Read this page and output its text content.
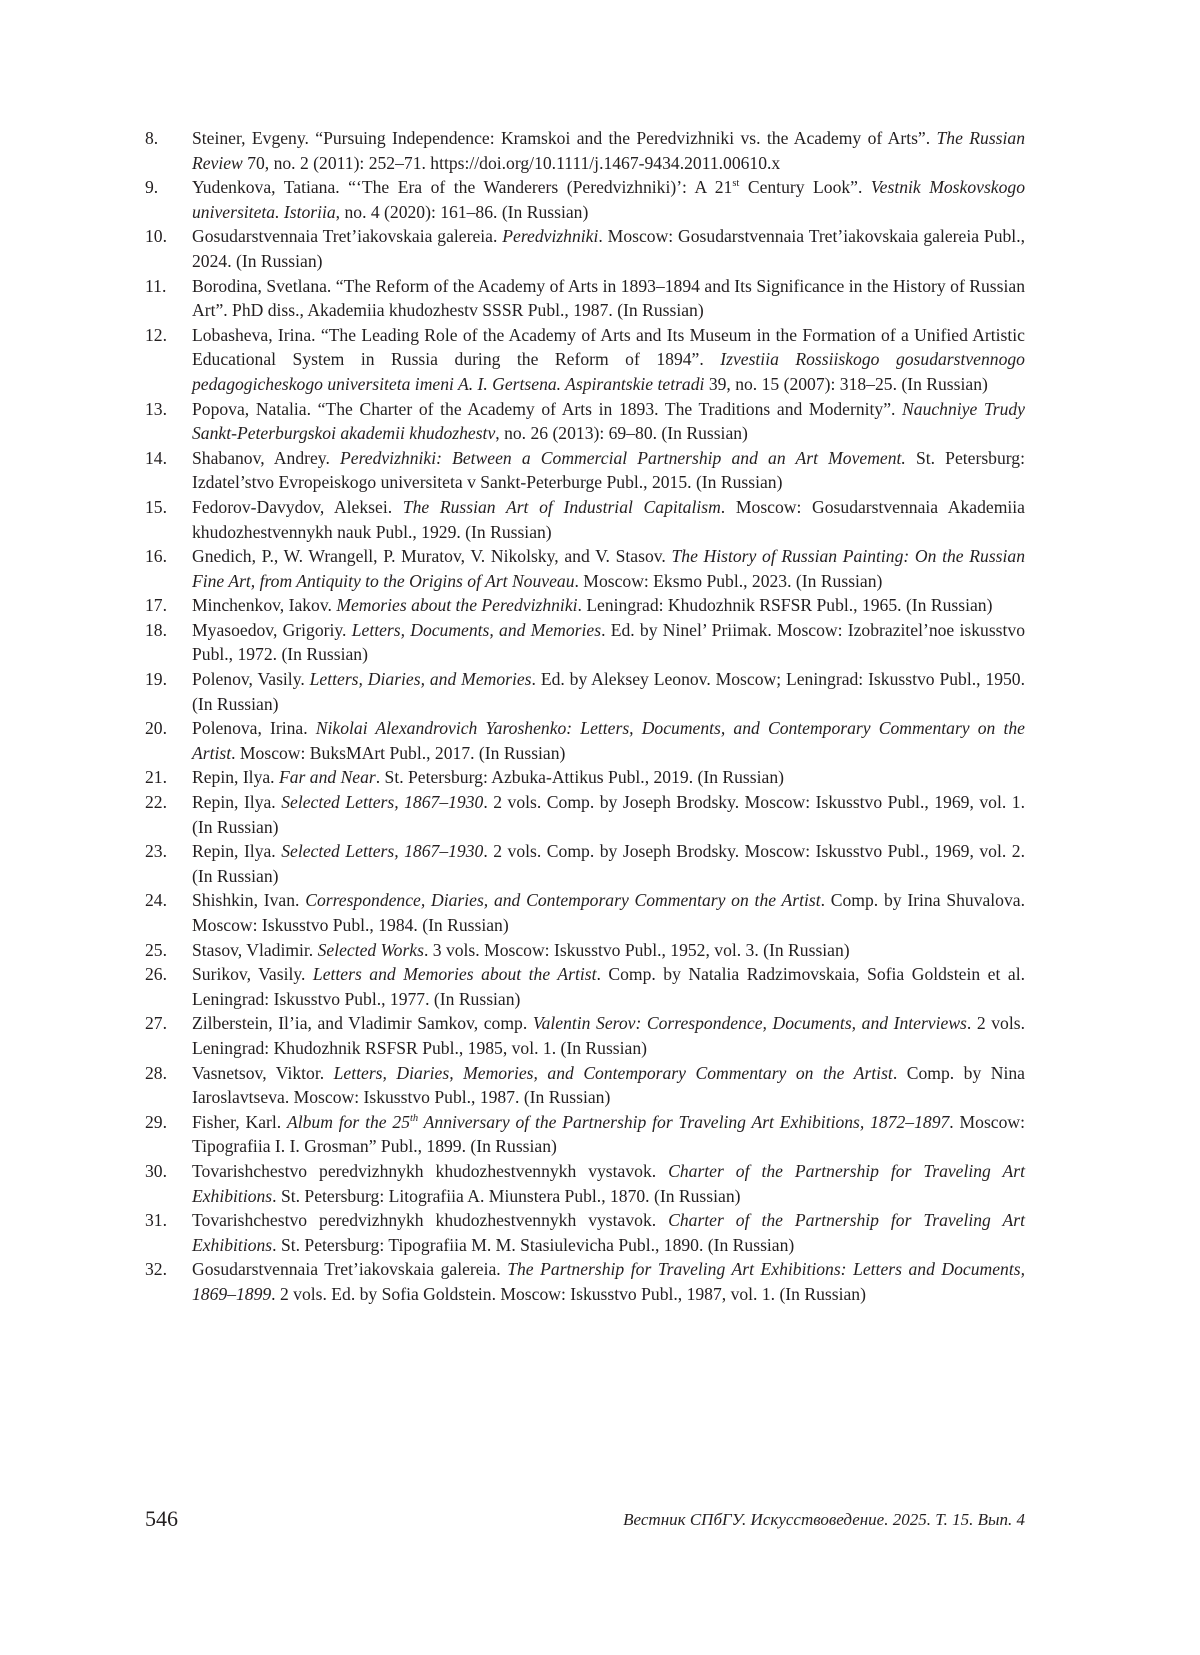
8.	Steiner, Evgeny. “Pursuing Independence: Kramskoi and the Peredvizhniki vs. the Academy of Arts”. The Russian Review 70, no. 2 (2011): 252–71. https://doi.org/10.1111/j.1467-9434.2011.00610.x
9.	Yudenkova, Tatiana. “‘The Era of the Wanderers (Peredvizhniki)’: A 21st Century Look”. Vestnik Moskovskogo universiteta. Istoriia, no. 4 (2020): 161–86. (In Russian)
10.	Gosudarstvennaia Tret’iakovskaia galereia. Peredvizhniki. Moscow: Gosudarstvennaia Tret’iakovskaia galereia Publ., 2024. (In Russian)
11.	Borodina, Svetlana. “The Reform of the Academy of Arts in 1893–1894 and Its Significance in the History of Russian Art”. PhD diss., Akademiia khudozhestv SSSR Publ., 1987. (In Russian)
12.	Lobasheva, Irina. “The Leading Role of the Academy of Arts and Its Museum in the Formation of a Unified Artistic Educational System in Russia during the Reform of 1894”. Izvestiia Rossiiskogo gosudarstvennogo pedagogicheskogo universiteta imeni A. I. Gertsena. Aspirantskie tetradi 39, no. 15 (2007): 318–25. (In Russian)
13.	Popova, Natalia. “The Charter of the Academy of Arts in 1893. The Traditions and Modernity”. Nauchniye Trudy Sankt-Peterburgskoi akademii khudozhestv, no. 26 (2013): 69–80. (In Russian)
14.	Shabanov, Andrey. Peredvizhniki: Between a Commercial Partnership and an Art Movement. St. Petersburg: Izdatel’stvo Evropeiskogo universiteta v Sankt-Peterburge Publ., 2015. (In Russian)
15.	Fedorov-Davydov, Aleksei. The Russian Art of Industrial Capitalism. Moscow: Gosudarstvennaia Akademiia khudozhestvennykh nauk Publ., 1929. (In Russian)
16.	Gnedich, P., W. Wrangell, P. Muratov, V. Nikolsky, and V. Stasov. The History of Russian Painting: On the Russian Fine Art, from Antiquity to the Origins of Art Nouveau. Moscow: Eksmo Publ., 2023. (In Russian)
17.	Minchenkov, Iakov. Memories about the Peredvizhniki. Leningrad: Khudozhnik RSFSR Publ., 1965. (In Russian)
18.	Myasoedov, Grigoriy. Letters, Documents, and Memories. Ed. by Ninel’ Priimak. Moscow: Izobrazitel’noe iskusstvo Publ., 1972. (In Russian)
19.	Polenov, Vasily. Letters, Diaries, and Memories. Ed. by Aleksey Leonov. Moscow; Leningrad: Iskusstvo Publ., 1950. (In Russian)
20.	Polenova, Irina. Nikolai Alexandrovich Yaroshenko: Letters, Documents, and Contemporary Commentary on the Artist. Moscow: BuksMArt Publ., 2017. (In Russian)
21.	Repin, Ilya. Far and Near. St. Petersburg: Azbuka-Attikus Publ., 2019. (In Russian)
22.	Repin, Ilya. Selected Letters, 1867–1930. 2 vols. Comp. by Joseph Brodsky. Moscow: Iskusstvo Publ., 1969, vol. 1. (In Russian)
23.	Repin, Ilya. Selected Letters, 1867–1930. 2 vols. Comp. by Joseph Brodsky. Moscow: Iskusstvo Publ., 1969, vol. 2. (In Russian)
24.	Shishkin, Ivan. Correspondence, Diaries, and Contemporary Commentary on the Artist. Comp. by Irina Shuvalova. Moscow: Iskusstvo Publ., 1984. (In Russian)
25.	Stasov, Vladimir. Selected Works. 3 vols. Moscow: Iskusstvo Publ., 1952, vol. 3. (In Russian)
26.	Surikov, Vasily. Letters and Memories about the Artist. Comp. by Natalia Radzimovskaia, Sofia Goldstein et al. Leningrad: Iskusstvo Publ., 1977. (In Russian)
27.	Zilberstein, Il’ia, and Vladimir Samkov, comp. Valentin Serov: Correspondence, Documents, and Interviews. 2 vols. Leningrad: Khudozhnik RSFSR Publ., 1985, vol. 1. (In Russian)
28.	Vasnetsov, Viktor. Letters, Diaries, Memories, and Contemporary Commentary on the Artist. Comp. by Nina Iaroslavtseva. Moscow: Iskusstvo Publ., 1987. (In Russian)
29.	Fisher, Karl. Album for the 25th Anniversary of the Partnership for Traveling Art Exhibitions, 1872–1897. Moscow: Tipografiia I. I. Grosman” Publ., 1899. (In Russian)
30.	Tovarishchestvo peredvizhnykh khudozhestvennykh vystavok. Charter of the Partnership for Traveling Art Exhibitions. St. Petersburg: Litografiia A. Miunstera Publ., 1870. (In Russian)
31.	Tovarishchestvo peredvizhnykh khudozhestvennykh vystavok. Charter of the Partnership for Traveling Art Exhibitions. St. Petersburg: Tipografiia M. M. Stasiulevicha Publ., 1890. (In Russian)
32.	Gosudarstvennaia Tret’iakovskaia galereia. The Partnership for Traveling Art Exhibitions: Letters and Documents, 1869–1899. 2 vols. Ed. by Sofia Goldstein. Moscow: Iskusstvo Publ., 1987, vol. 1. (In Russian)
546	Вестник СПбГУ. Искусствоведение. 2025. Т. 15. Вып. 4
